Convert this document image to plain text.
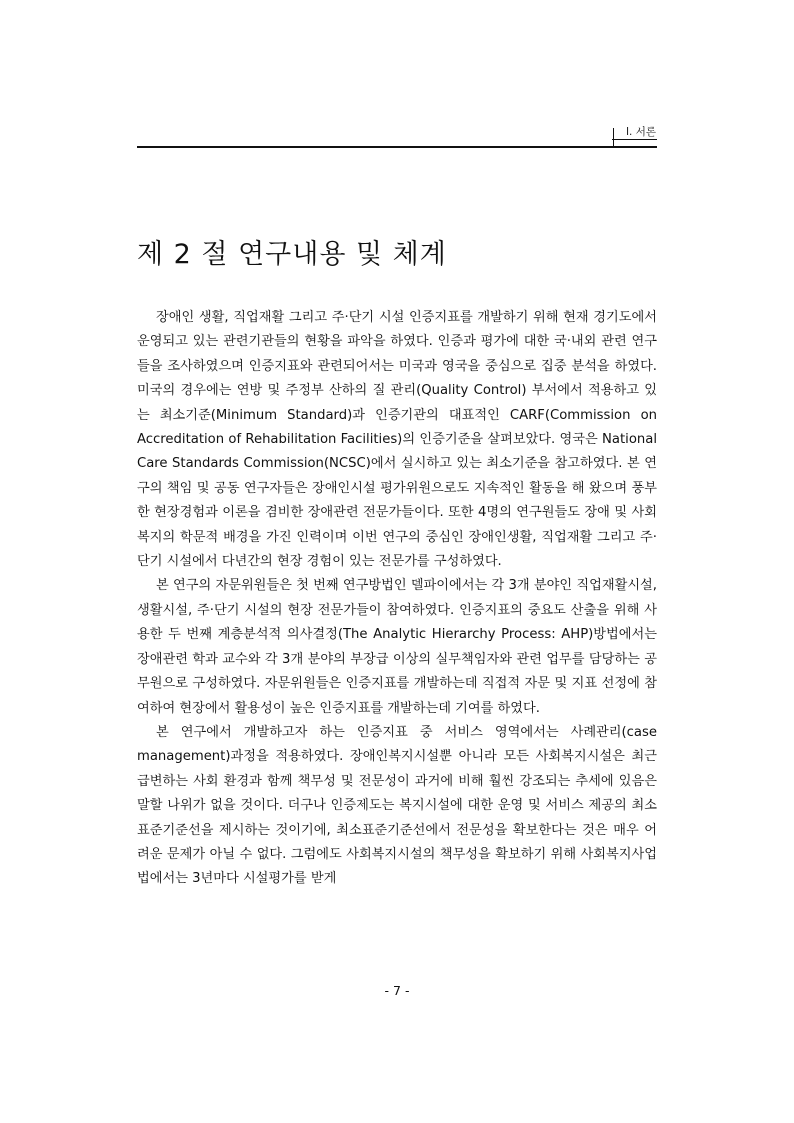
Ⅰ. 서론
제 2 절 연구내용 및 체계

장애인 생활, 직업재활 그리고 주·단기 시설 인증지표를 개발하기 위해 현재 경기도에서 운영되고 있는 관련기관들의 현황을 파악을 하였다. 인증과 평가에 대한 국·내외 관련 연구들을 조사하였으며 인증지표와 관련되어서는 미국과 영국을 중심으로 집중 분석을 하였다. 미국의 경우에는 연방 및 주정부 산하의 질 관리(Quality Control) 부서에서 적용하고 있는 최소기준(Minimum Standard)과 인증기관의 대표적인 CARF(Commission on Accreditation of Rehabilitation Facilities)의 인증기준을 살펴보았다. 영국은 National Care Standards Commission(NCSC)에서 실시하고 있는 최소기준을 참고하였다. 본 연구의 책임 및 공동 연구자들은 장애인시설 평가위원으로도 지속적인 활동을 해 왔으며 풍부한 현장경험과 이론을 겸비한 장애관련 전문가들이다. 또한 4명의 연구원들도 장애 및 사회복지의 학문적 배경을 가진 인력이며 이번 연구의 중심인 장애인생활, 직업재활 그리고 주·단기 시설에서 다년간의 현장 경험이 있는 전문가를 구성하였다.

본 연구의 자문위원들은 첫 번째 연구방법인 델파이에서는 각 3개 분야인 직업재활시설, 생활시설, 주·단기 시설의 현장 전문가들이 참여하였다. 인증지표의 중요도 산출을 위해 사용한 두 번째 계층분석적 의사결정(The Analytic Hierarchy Process: AHP)방법에서는 장애관련 학과 교수와 각 3개 분야의 부장급 이상의 실무책임자와 관련 업무를 담당하는 공무원으로 구성하였다. 자문위원들은 인증지표를 개발하는데 직접적 자문 및 지표 선정에 참여하여 현장에서 활용성이 높은 인증지표를 개발하는데 기여를 하였다.

본 연구에서 개발하고자 하는 인증지표 중 서비스 영역에서는 사례관리(case management)과정을 적용하였다. 장애인복지시설뿐 아니라 모든 사회복지시설은 최근 급변하는 사회 환경과 함께 책무성 및 전문성이 과거에 비해 훨씬 강조되는 추세에 있음은 말할 나위가 없을 것이다. 더구나 인증제도는 복지시설에 대한 운영 및 서비스 제공의 최소표준기준선을 제시하는 것이기에, 최소표준기준선에서 전문성을 확보한다는 것은 매우 어려운 문제가 아닐 수 없다. 그럼에도 사회복지시설의 책무성을 확보하기 위해 사회복지사업법에서는 3년마다 시설평가를 받게

- 7 -
